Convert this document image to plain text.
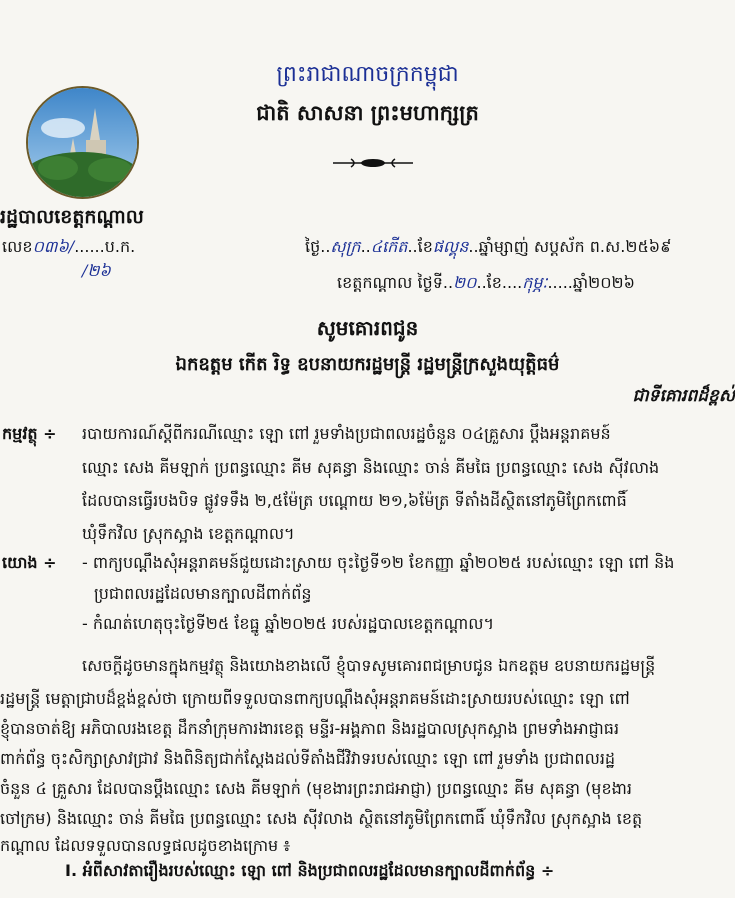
ព្រះរាជាណាចក្រកម្ពុជា
ជាតិ សាសនា ព្រះមហាក្សត្រ
រដ្ឋបាលខេត្តកណ្ដាល
លេខ០៣៦/......ប.ក.
/២៦
ថ្ងៃ..សុក្រ..៤កើត..ខែផល្គុន..ឆ្នាំម្សាញ់ សប្តស័ក ព.ស.២៥៦៩
ខេត្តកណ្ដាល ថ្ងៃទី..២០..ខែ....កុម្ភៈ.....ឆ្នាំ២០២៦
សូមគោរពជូន
ឯកឧត្ដម កើត រិទ្ធ ឧបនាយករដ្ឋមន្ត្រី រដ្ឋមន្ត្រីក្រសួងយុត្តិធម៌
ជាទីគោរពដ៏ខ្ពស់
កម្មវត្ថុ ÷ របាយការណ៍ស្តីពីករណីឈ្មោះ ឡោ ពៅ រួមទាំងប្រជាពលរដ្ឋចំនួន ០៤គ្រួសារ ប្តឹងអន្តរាគមន៍
ឈ្មោះ សេង គីមឡាក់ ប្រពន្ធឈ្មោះ គីម សុគន្ធា និងឈ្មោះ ចាន់ គីមធៃ ប្រពន្ធឈ្មោះ សេង ស៊ីវលាង
ដែលបានធ្វើរបងបិទ ផ្លូវទទឹង ២,៥ម៉ែត្រ បណ្តោយ ២១,៦ម៉ែត្រ ទីតាំងដីស្ថិតនៅភូមិព្រែកពោធិ៍
ឃុំទឹកវិល ស្រុកស្អាង ខេត្តកណ្ដាល។
យោង ÷ - ពាក្យបណ្តឹងសុំអន្តរាគមន៍ជួយដោះស្រាយ ចុះថ្ងៃទី១២ ខែកញ្ញា ឆ្នាំ២០២៥ របស់ឈ្មោះ ឡោ ពៅ និង
ប្រជាពលរដ្ឋដែលមានក្បាលដីពាក់ព័ន្ធ
- កំណត់ហេតុចុះថ្ងៃទី២៥ ខែធ្នូ ឆ្នាំ២០២៥ របស់រដ្ឋបាលខេត្តកណ្ដាល។
សេចក្តីដូចមានក្នុងកម្មវត្ថុ និងយោងខាងលើ ខ្ញុំបាទសូមគោរពជម្រាបជូន ឯកឧត្ដម ឧបនាយករដ្ឋមន្ត្រី
រដ្ឋមន្ត្រី មេត្តាជ្រាបដ៏ខ្ពង់ខ្ពស់ថា ក្រោយពីទទួលបានពាក្យបណ្តឹងសុំអន្តរាគមន៍ដោះស្រាយរបស់ឈ្មោះ ឡោ ពៅ
ខ្ញុំបានចាត់ឱ្យ អភិបាលរងខេត្ត ដឹកនាំក្រុមការងារខេត្ត មន្ទីរ-អង្គភាព និងរដ្ឋបាលស្រុកស្អាង ព្រមទាំងអាជ្ញាធរ
ពាក់ព័ន្ធ ចុះសិក្សាស្រាវជ្រាវ និងពិនិត្យជាក់ស្តែងដល់ទីតាំងជីវិវាទរបស់ឈ្មោះ ឡោ ពៅ រួមទាំង ប្រជាពលរដ្ឋ
ចំនួន ៤ គ្រួសារ ដែលបានប្តឹងឈ្មោះ សេង គីមឡាក់ (មុខងារព្រះរាជអាជ្ញា) ប្រពន្ធឈ្មោះ គីម សុគន្ធា (មុខងារ
ចៅក្រម) និងឈ្មោះ ចាន់ គីមធៃ ប្រពន្ធឈ្មោះ សេង ស៊ីវលាង ស្ថិតនៅភូមិព្រែកពោធិ៍ ឃុំទឹកវិល ស្រុកស្អាង ខេត្ត
កណ្ដាល ដែលទទួលបានលទ្ធផលដូចខាងក្រោម ៖
I. អំពីសាវតារឿងរបស់ឈ្មោះ ឡោ ពៅ និងប្រជាពលរដ្ឋដែលមានក្បាលដីពាក់ព័ន្ធ ÷
